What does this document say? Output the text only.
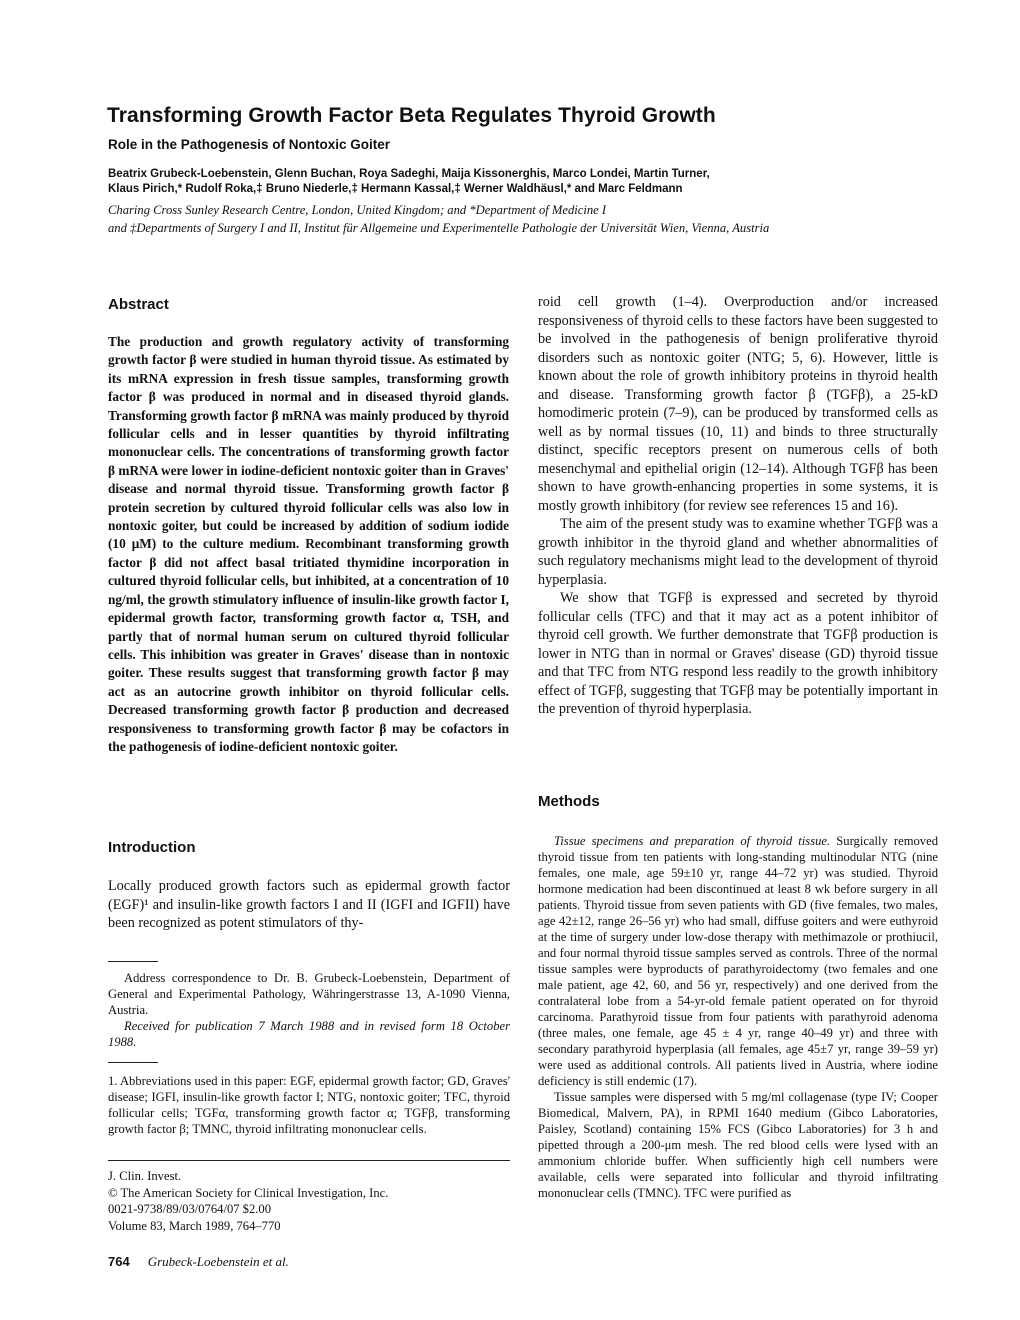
Transforming Growth Factor Beta Regulates Thyroid Growth
Role in the Pathogenesis of Nontoxic Goiter
Beatrix Grubeck-Loebenstein, Glenn Buchan, Roya Sadeghi, Maija Kissonerghis, Marco Londei, Martin Turner,
Klaus Pirich,* Rudolf Roka,‡ Bruno Niederle,‡ Hermann Kassal,‡ Werner Waldhäusl,* and Marc Feldmann
Charing Cross Sunley Research Centre, London, United Kingdom; and *Department of Medicine I
and ‡Departments of Surgery I and II, Institut für Allgemeine und Experimentelle Pathologie der Universität Wien, Vienna, Austria
Abstract

The production and growth regulatory activity of transforming growth factor β were studied in human thyroid tissue. As estimated by its mRNA expression in fresh tissue samples, transforming growth factor β was produced in normal and in diseased thyroid glands. Transforming growth factor β mRNA was mainly produced by thyroid follicular cells and in lesser quantities by thyroid infiltrating mononuclear cells. The concentrations of transforming growth factor β mRNA were lower in iodine-deficient nontoxic goiter than in Graves' disease and normal thyroid tissue. Transforming growth factor β protein secretion by cultured thyroid follicular cells was also low in nontoxic goiter, but could be increased by addition of sodium iodide (10 μM) to the culture medium. Recombinant transforming growth factor β did not affect basal tritiated thymidine incorporation in cultured thyroid follicular cells, but inhibited, at a concentration of 10 ng/ml, the growth stimulatory influence of insulin-like growth factor I, epidermal growth factor, transforming growth factor α, TSH, and partly that of normal human serum on cultured thyroid follicular cells. This inhibition was greater in Graves' disease than in nontoxic goiter. These results suggest that transforming growth factor β may act as an autocrine growth inhibitor on thyroid follicular cells. Decreased transforming growth factor β production and decreased responsiveness to transforming growth factor β may be cofactors in the pathogenesis of iodine-deficient nontoxic goiter.

Introduction

Locally produced growth factors such as epidermal growth factor (EGF)¹ and insulin-like growth factors I and II (IGFI and IGFII) have been recognized as potent stimulators of thy-

Address correspondence to Dr. B. Grubeck-Loebenstein, Department of General and Experimental Pathology, Währingerstrasse 13, A-1090 Vienna, Austria.

Received for publication 7 March 1988 and in revised form 18 October 1988.

1. Abbreviations used in this paper: EGF, epidermal growth factor; GD, Graves' disease; IGFI, insulin-like growth factor I; NTG, nontoxic goiter; TFC, thyroid follicular cells; TGFα, transforming growth factor α; TGFβ, transforming growth factor β; TMNC, thyroid infiltrating mononuclear cells.

J. Clin. Invest.
© The American Society for Clinical Investigation, Inc.
0021-9738/89/03/0764/07 $2.00
Volume 83, March 1989, 764–770

roid cell growth (1–4). Overproduction and/or increased responsiveness of thyroid cells to these factors have been suggested to be involved in the pathogenesis of benign proliferative thyroid disorders such as nontoxic goiter (NTG; 5, 6). However, little is known about the role of growth inhibitory proteins in thyroid health and disease. Transforming growth factor β (TGFβ), a 25-kD homodimeric protein (7–9), can be produced by transformed cells as well as by normal tissues (10, 11) and binds to three structurally distinct, specific receptors present on numerous cells of both mesenchymal and epithelial origin (12–14). Although TGFβ has been shown to have growth-enhancing properties in some systems, it is mostly growth inhibitory (for review see references 15 and 16).

The aim of the present study was to examine whether TGFβ was a growth inhibitor in the thyroid gland and whether abnormalities of such regulatory mechanisms might lead to the development of thyroid hyperplasia.

We show that TGFβ is expressed and secreted by thyroid follicular cells (TFC) and that it may act as a potent inhibitor of thyroid cell growth. We further demonstrate that TGFβ production is lower in NTG than in normal or Graves' disease (GD) thyroid tissue and that TFC from NTG respond less readily to the growth inhibitory effect of TGFβ, suggesting that TGFβ may be potentially important in the prevention of thyroid hyperplasia.

Methods

Tissue specimens and preparation of thyroid tissue. Surgically removed thyroid tissue from ten patients with long-standing multinodular NTG (nine females, one male, age 59±10 yr, range 44–72 yr) was studied. Thyroid hormone medication had been discontinued at least 8 wk before surgery in all patients. Thyroid tissue from seven patients with GD (five females, two males, age 42±12, range 26–56 yr) who had small, diffuse goiters and were euthyroid at the time of surgery under low-dose therapy with methimazole or prothiucil, and four normal thyroid tissue samples served as controls. Three of the normal tissue samples were byproducts of parathyroidectomy (two females and one male patient, age 42, 60, and 56 yr, respectively) and one derived from the contralateral lobe from a 54-yr-old female patient operated on for thyroid carcinoma. Parathyroid tissue from four patients with parathyroid adenoma (three males, one female, age 45 ± 4 yr, range 40–49 yr) and three with secondary parathyroid hyperplasia (all females, age 45±7 yr, range 39–59 yr) were used as additional controls. All patients lived in Austria, where iodine deficiency is still endemic (17).

Tissue samples were dispersed with 5 mg/ml collagenase (type IV; Cooper Biomedical, Malvern, PA), in RPMI 1640 medium (Gibco Laboratories, Paisley, Scotland) containing 15% FCS (Gibco Laboratories) for 3 h and pipetted through a 200-μm mesh. The red blood cells were lysed with an ammonium chloride buffer. When sufficiently high cell numbers were available, cells were separated into follicular and thyroid infiltrating mononuclear cells (TMNC). TFC were purified as

764 Grubeck-Loebenstein et al.
